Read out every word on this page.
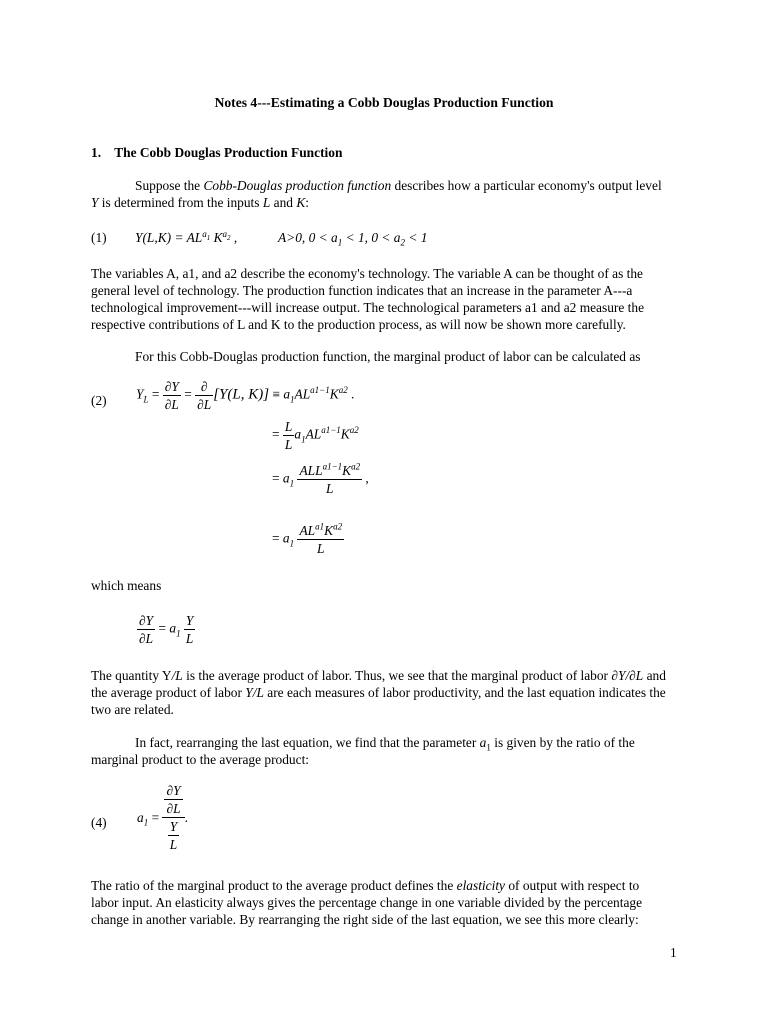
Notes 4---Estimating a Cobb Douglas Production Function
1. The Cobb Douglas Production Function
Suppose the Cobb-Douglas production function describes how a particular economy's output level Y is determined from the inputs L and K:
(1) $Y(L,K) = AL^{a_1}$ $K^{a_2}$ ,	A>0, $0 < a_1 < 1$, $0 < a_2 < 1$
The variables A, a1, and a2 describe the economy's technology. The variable A can be thought of as the general level of technology. The production function indicates that an increase in the parameter A---a technological improvement---will increase output. The technological parameters a1 and a2 measure the respective contributions of L and K to the production process, as will now be shown more carefully.
For this Cobb-Douglas production function, the marginal product of labor can be calculated as
(2) $Y_L = \frac{\partial Y}{\partial L} = \frac{\partial}{\partial L} [Y(L$, $K)] \equiv a_1AL^{a1-1}K^{a2}$ .
= $\frac{L}{L} a_1AL^{a1-1}K^{a2}$
= $a_1 \frac{ALL^{a1-1}K^{a2}}{L}$ ,
= $a_1 \frac{AL^{a1}K^{a2}}{L}$
which means
$\frac{\partial Y}{\partial L} = a_1 \frac{Y}{L}$
The quantity Y/L is the average product of labor. Thus, we see that the marginal product of labor ∂Y/∂L and the average product of labor Y/L are each measures of labor productivity, and the last equation indicates the two are related.
In fact, rearranging the last equation, we find that the parameter $a_1$ is given by the ratio of the marginal product to the average product:
(4) $a_1 = \frac{\frac{\partial Y}{\partial L}}{\frac{Y}{L}}$ .
The ratio of the marginal product to the average product defines the elasticity of output with respect to labor input. An elasticity always gives the percentage change in one variable divided by the percentage change in another variable. By rearranging the right side of the last equation, we see this more clearly:
1
